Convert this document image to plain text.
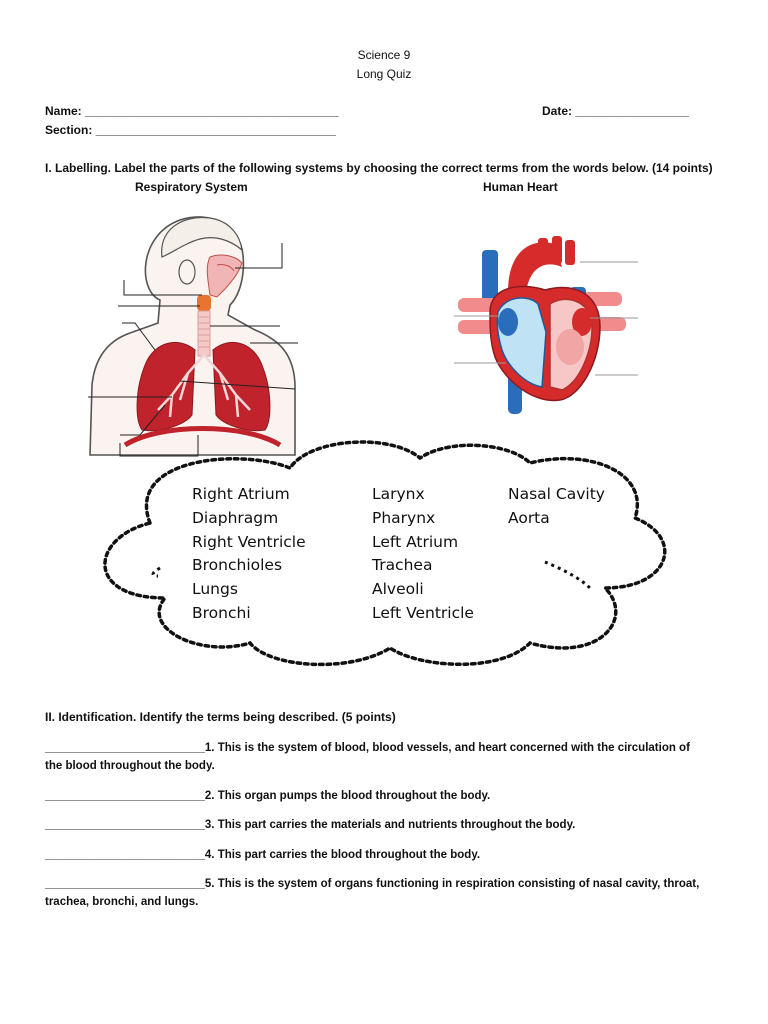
Science 9
Long Quiz
Name: ______________________________________	Date: _________________
Section: ____________________________________
I. Labelling. Label the parts of the following systems by choosing the correct terms from the words below. (14 points)
Respiratory System	Human Heart
Right Atrium
Diaphragm
Right Ventricle
Bronchioles
Lungs
Bronchi
Larynx
Pharynx
Left Atrium
Trachea
Alveoli
Left Ventricle
Nasal Cavity
Aorta
II. Identification. Identify the terms being described. (5 points)
_________________________1. This is the system of blood, blood vessels, and heart concerned with the circulation of
the blood throughout the body.
_________________________2. This organ pumps the blood throughout the body.
_________________________3. This part carries the materials and nutrients throughout the body.
_________________________4. This part carries the blood throughout the body.
_________________________5. This is the system of organs functioning in respiration consisting of nasal cavity, throat,
trachea, bronchi, and lungs.
